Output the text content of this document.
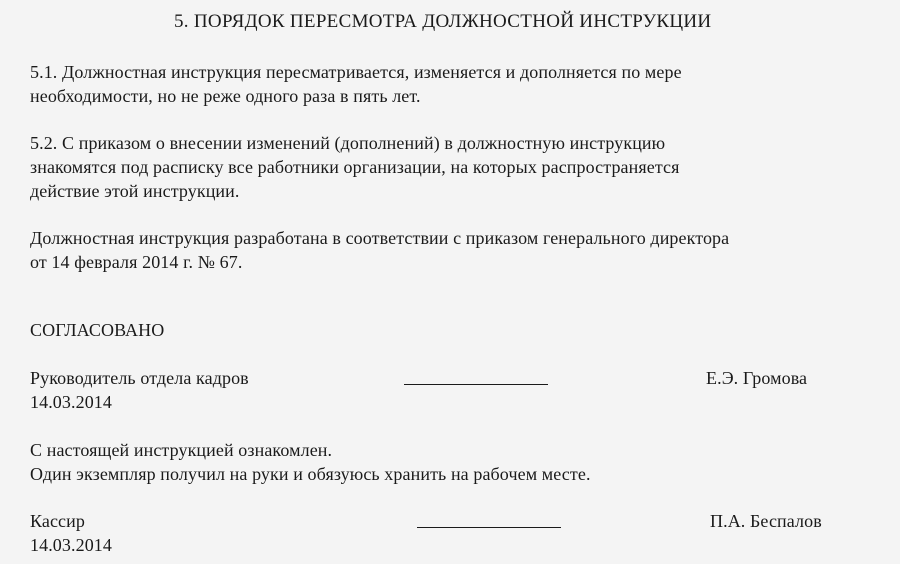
5. ПОРЯДОК ПЕРЕСМОТРА ДОЛЖНОСТНОЙ ИНСТРУКЦИИ
5.1. Должностная инструкция пересматривается, изменяется и дополняется по мере
необходимости, но не реже одного раза в пять лет.
5.2. С приказом о внесении изменений (дополнений) в должностную инструкцию
знакомятся под расписку все работники организации, на которых распространяется
действие этой инструкции.
Должностная инструкция разработана в соответствии с приказом генерального директора
от 14 февраля 2014 г. № 67.
СОГЛАСОВАНО
Руководитель отдела кадров	Е.Э. Громова
14.03.2014
С настоящей инструкцией ознакомлен.
Один экземпляр получил на руки и обязуюсь хранить на рабочем месте.
Кассир	П.А. Беспалов
14.03.2014
